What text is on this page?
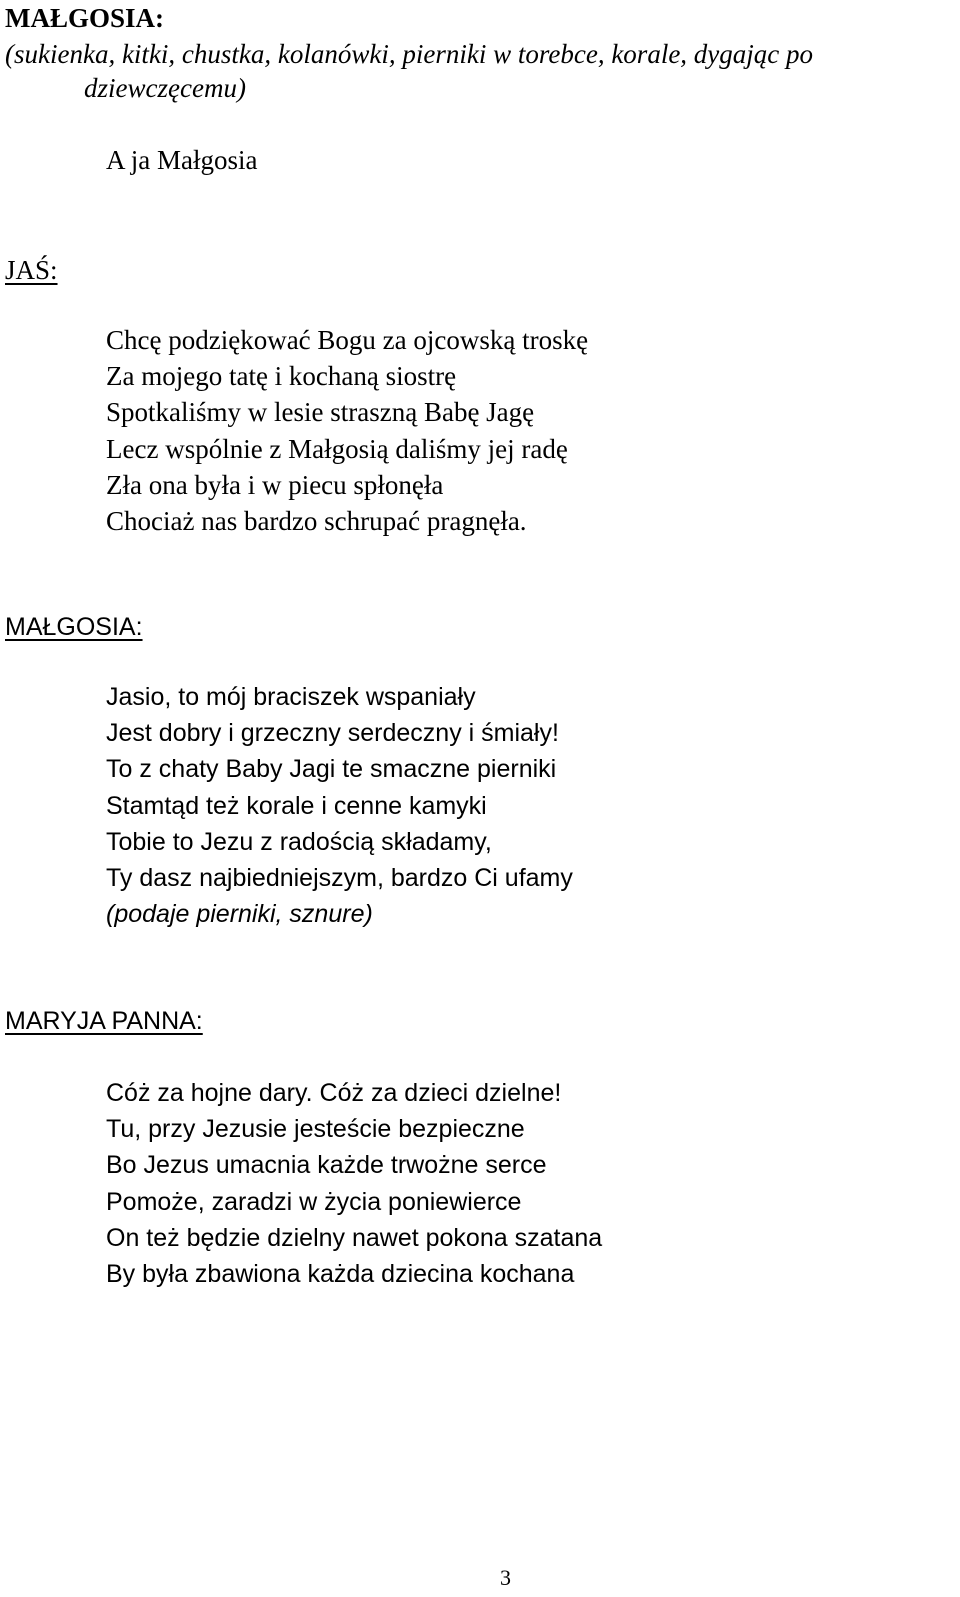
MAŁGOSIA:
(sukienka, kitki, chustka, kolanówki, pierniki w torebce, korale, dygając po
dziewczęcemu)
A ja Małgosia
JAŚ:
Chcę podziękować Bogu za ojcowską troskę
Za mojego tatę i kochaną siostrę
Spotkaliśmy w lesie straszną Babę Jagę
Lecz wspólnie z Małgosią daliśmy jej radę
Zła ona była i w piecu spłonęła
Chociaż nas bardzo schrupać pragnęła.
MAŁGOSIA:
Jasio, to mój braciszek wspaniały
Jest dobry i grzeczny serdeczny i śmiały!
To z chaty Baby Jagi te smaczne pierniki
Stamtąd też korale i cenne kamyki
Tobie to Jezu z radością składamy,
Ty dasz najbiedniejszym, bardzo Ci ufamy
(podaje pierniki, sznure)
MARYJA PANNA:
Cóż za hojne dary. Cóż za dzieci dzielne!
Tu, przy Jezusie jesteście bezpieczne
Bo Jezus umacnia każde trwożne serce
Pomoże, zaradzi w życia poniewierce
On też będzie dzielny nawet pokona szatana
By była zbawiona każda dziecina kochana
3
